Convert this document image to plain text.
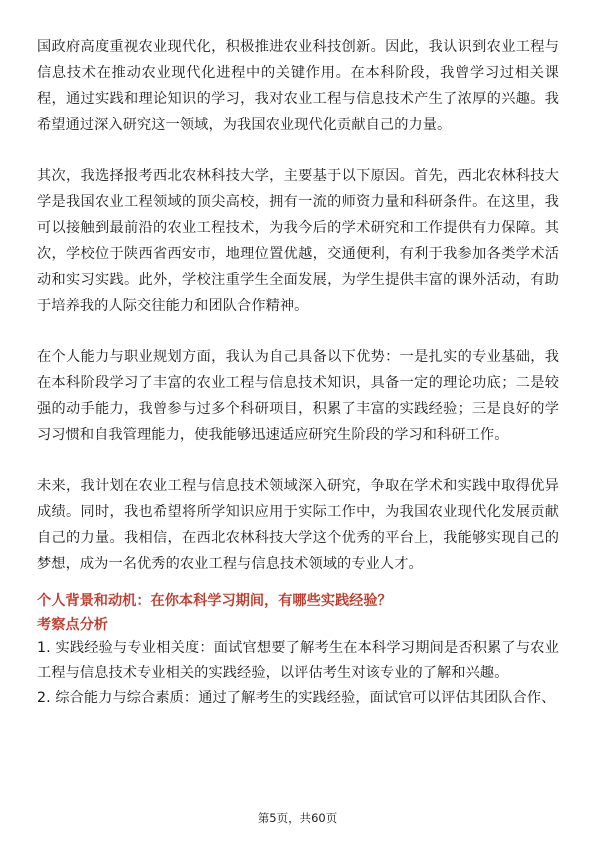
国政府高度重视农业现代化，积极推进农业科技创新。因此，我认识到农业工程与信息技术在推动农业现代化进程中的关键作用。在本科阶段，我曾学习过相关课程，通过实践和理论知识的学习，我对农业工程与信息技术产生了浓厚的兴趣。我希望通过深入研究这一领域，为我国农业现代化贡献自己的力量。

其次，我选择报考西北农林科技大学，主要基于以下原因。首先，西北农林科技大学是我国农业工程领域的顶尖高校，拥有一流的师资力量和科研条件。在这里，我可以接触到最前沿的农业工程技术，为我今后的学术研究和工作提供有力保障。其次，学校位于陕西省西安市，地理位置优越，交通便利，有利于我参加各类学术活动和实习实践。此外，学校注重学生全面发展，为学生提供丰富的课外活动，有助于培养我的人际交往能力和团队合作精神。

在个人能力与职业规划方面，我认为自己具备以下优势：一是扎实的专业基础，我在本科阶段学习了丰富的农业工程与信息技术知识，具备一定的理论功底；二是较强的动手能力，我曾参与过多个科研项目，积累了丰富的实践经验；三是良好的学习习惯和自我管理能力，使我能够迅速适应研究生阶段的学习和科研工作。

未来，我计划在农业工程与信息技术领域深入研究，争取在学术和实践中取得优异成绩。同时，我也希望将所学知识应用于实际工作中，为我国农业现代化发展贡献自己的力量。我相信，在西北农林科技大学这个优秀的平台上，我能够实现自己的梦想，成为一名优秀的农业工程与信息技术领域的专业人才。

个人背景和动机：在你本科学习期间，有哪些实践经验？

考察点分析

1. 实践经验与专业相关度：面试官想要了解考生在本科学习期间是否积累了与农业工程与信息技术专业相关的实践经验，以评估考生对该专业的了解和兴趣。

2. 综合能力与综合素质：通过了解考生的实践经验，面试官可以评估其团队合作、

第5页，共60页
